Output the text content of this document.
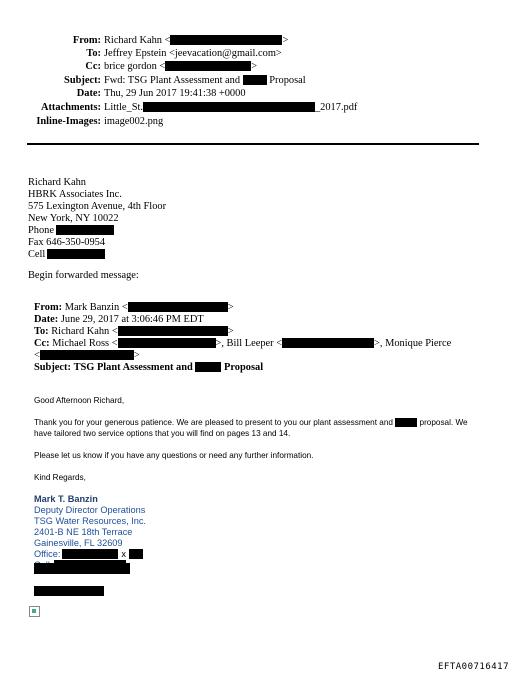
From: Richard Kahn <	>
To: Jeffrey Epstein <jeevacation@gmail.com>
Cc: brice gordon <	>
Subject: Fwd: TSG Plant Assessment and	Proposal
Date: Thu, 29 Jun 2017 19:41:38 +0000
Attachments: Little_St.	_2017.pdf
Inline-Images: image002.png
Richard Kahn
HBRK Associates Inc.
575 Lexington Avenue, 4th Floor
New York, NY 10022
Phone
Fax 646-350-0954
Cell
Begin forwarded message:
From: Mark Banzin <	>
Date: June 29, 2017 at 3:06:46 PM EDT
To: Richard Kahn <	>
Cc: Michael Ross <	>, Bill Leeper <	>, Monique Pierce
<	>
Subject: TSG Plant Assessment and	Proposal
Good Afternoon Richard,
Thank you for your generous patience. We are pleased to present to you our plant assessment and	proposal. We
have tailored two service options that you will find on pages 13 and 14.
Please let us know if you have any questions or need any further information.
Kind Regards,
Mark T. Banzin
Deputy Director Operations
TSG Water Resources, Inc.
2401-B NE 18th Terrace
Gainesville, FL 32609
Office:	x
EFTA00716417
